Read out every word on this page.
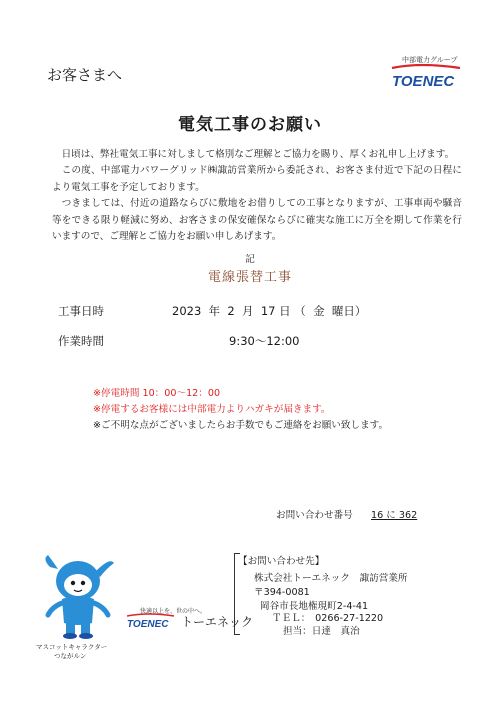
お客さまへ
中部電力グループ
TOENEC
電気工事のお願い
　日頃は、弊社電気工事に対しまして格別なご理解とご協力を賜り、厚くお礼申し上げます。
　この度、中部電力パワーグリッド㈱諏訪営業所から委託され、お客さま付近で下記の日程により電気工事を予定しております。
　つきましては、付近の道路ならびに敷地をお借りしての工事となりますが、工事車両や騒音等をできる限り軽減に努め、お客さまの保安確保ならびに確実な施工に万全を期して作業を行いますので、ご理解とご協力をお願い申しあげます。
記
電線張替工事
工事日時	2023  年  2  月  17 日 （  金  曜日）
作業時間	9:30～12:00
※停電時間 10：00～12：00
※停電するお客様には中部電力よりハガキが届きます。
※ご不明な点がございましたらお手数でもご連絡をお願い致します。
お問い合わせ番号 16 に 362
【お問い合わせ先】
株式会社トーエネック　諏訪営業所
〒394-0081
岡谷市長地権現町2-4-41
ＴＥＬ：　0266-27-1220
担当：日達　真治
マスコットキャラクター
つながルン
快適以上を、世の中へ。
TOENEC トーエネック
